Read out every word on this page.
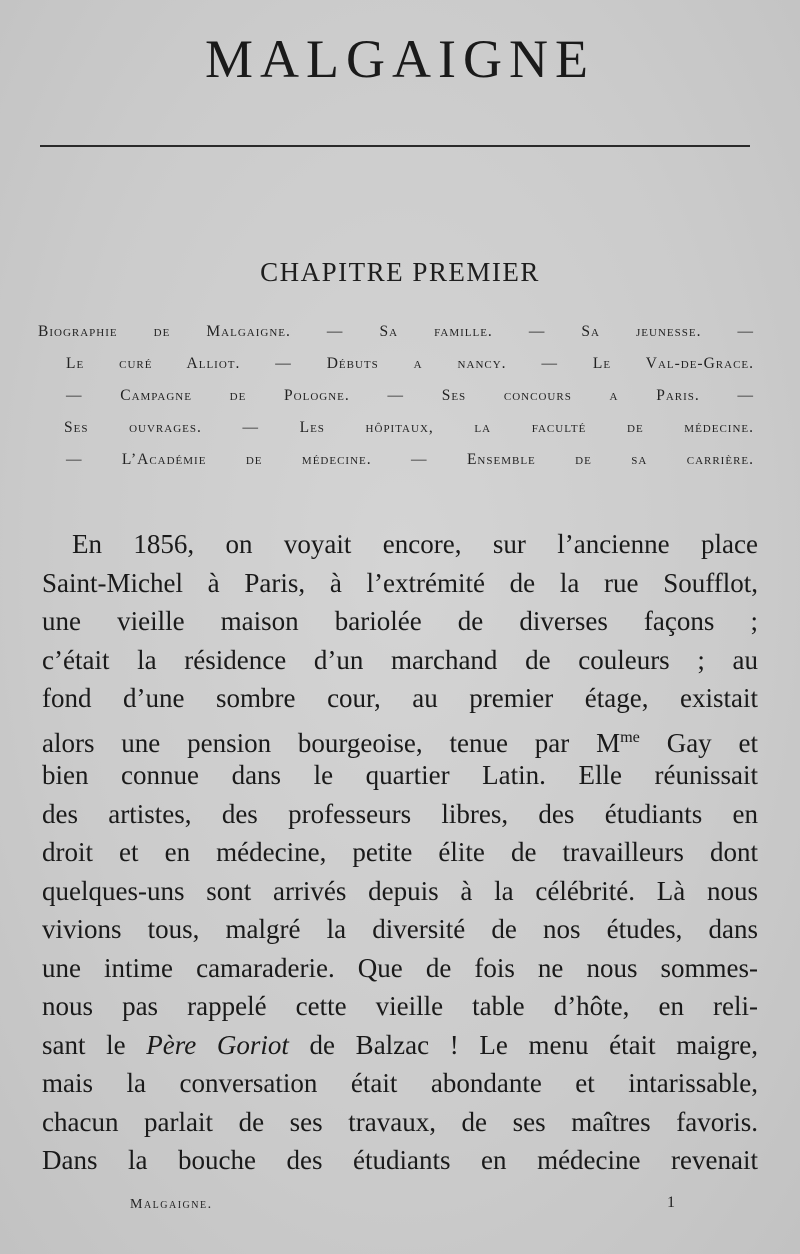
MALGAIGNE
CHAPITRE PREMIER
Biographie de Malgaigne. — Sa famille. — Sa jeunesse. —
Le curé Alliot. — Débuts a nancy. — Le Val-de-Grace.
— Campagne de Pologne. — Ses concours a Paris. —
Ses ouvrages. — Les hôpitaux, la faculté de médecine.
— L’Académie de médecine. — Ensemble de sa carrière.
En 1856, on voyait encore, sur l’ancienne place
Saint-Michel à Paris, à l’extrémité de la rue Soufflot,
une vieille maison bariolée de diverses façons ;
c’était la résidence d’un marchand de couleurs ; au
fond d’une sombre cour, au premier étage, existait
alors une pension bourgeoise, tenue par $M^{me}$ Gay et
bien connue dans le quartier Latin. Elle réunissait
des artistes, des professeurs libres, des étudiants en
droit et en médecine, petite élite de travailleurs dont
quelques-uns sont arrivés depuis à la célébrité. Là nous
vivions tous, malgré la diversité de nos études, dans
une intime camaraderie. Que de fois ne nous sommes-
nous pas rappelé cette vieille table d’hôte, en reli-
sant le Père Goriot de Balzac ! Le menu était maigre,
mais la conversation était abondante et intarissable,
chacun parlait de ses travaux, de ses maîtres favoris.
Dans la bouche des étudiants en médecine revenait
Malgaigne.	1
